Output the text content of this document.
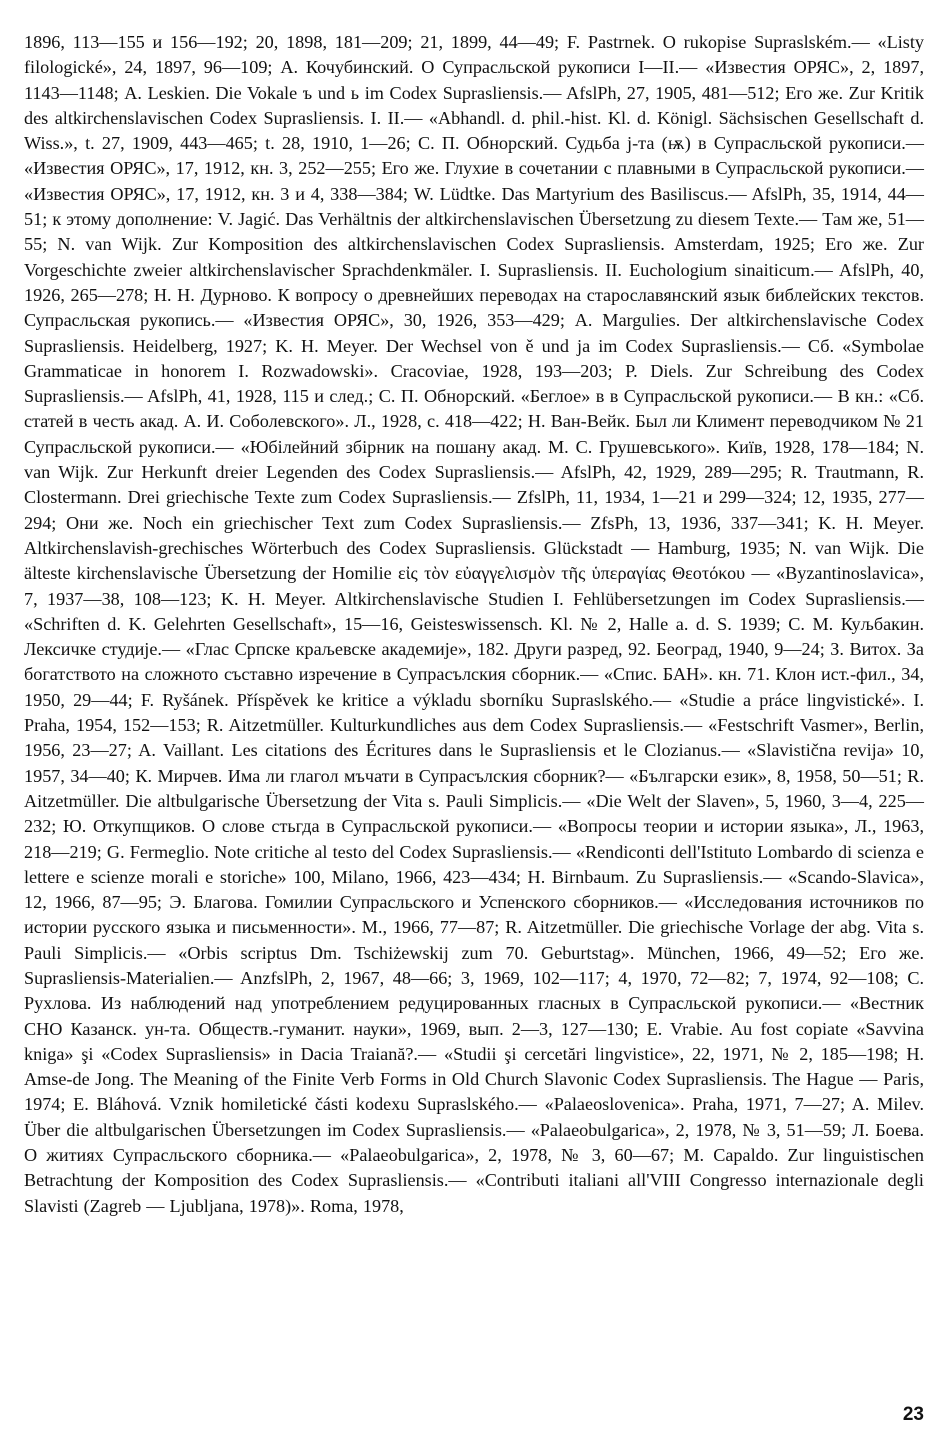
1896, 113—155 и 156—192; 20, 1898, 181—209; 21, 1899, 44—49; F. Pastrnek. O rukopise Supraslském.— «Listy filologické», 24, 1897, 96—109; А. Кочубинский. О Супрасльской рукописи I—II.— «Известия ОРЯС», 2, 1897, 1143—1148; A. Leskien. Die Vokale ъ und ь im Codex Suprasliensis.— AfslPh, 27, 1905, 481—512; Его же. Zur Kritik des altkirchenslavischen Codex Suprasliensis. I. II.— «Abhandl. d. phil.-hist. Kl. d. Königl. Sächsischen Gesellschaft d. Wiss.», t. 27, 1909, 443—465; t. 28, 1910, 1—26; С. П. Обнорский. Судьба j-та (ѭ) в Супрасльской рукописи.— «Известия ОРЯС», 17, 1912, кн. 3, 252—255; Его же. Глухие в сочетании с плавными в Супрасльской рукописи.— «Известия ОРЯС», 17, 1912, кн. 3 и 4, 338—384; W. Lüdtke. Das Martyrium des Basiliscus.— AfslPh, 35, 1914, 44—51; к этому дополнение: V. Jagić. Das Verhältnis der altkirchenslavischen Übersetzung zu diesem Texte.— Там же, 51—55; N. van Wijk. Zur Komposition des altkirchenslavischen Codex Suprasliensis. Amsterdam, 1925; Его же. Zur Vorgeschichte zweier altkirchenslavischer Sprachdenkmäler. I. Suprasliensis. II. Euchologium sinaiticum.— AfslPh, 40, 1926, 265—278; Н. Н. Дурново. К вопросу о древнейших переводах на старославянский язык библейских текстов. Супрасльская рукопись.— «Известия ОРЯС», 30, 1926, 353—429; A. Margulies. Der altkirchenslavische Codex Suprasliensis. Heidelberg, 1927; K. H. Meyer. Der Wechsel von ě und ja im Codex Suprasliensis.— Сб. «Symbolae Grammaticae in honorem I. Rozwadowski». Cracoviae, 1928, 193—203; P. Diels. Zur Schreibung des Codex Suprasliensis.— AfslPh, 41, 1928, 115 и след.; С. П. Обнорский. «Беглое» в в Супрасльской рукописи.— В кн.: «Сб. статей в честь акад. А. И. Соболевского». Л., 1928, с. 418—422; Н. Ван-Вейк. Был ли Климент переводчиком № 21 Супрасльской рукописи.— «Юбілейний збірник на пошану акад. М. С. Грушевського». Київ, 1928, 178—184; N. van Wijk. Zur Herkunft dreier Legenden des Codex Suprasliensis.— AfslPh, 42, 1929, 289—295; R. Trautmann, R. Clostermann. Drei griechische Texte zum Codex Suprasliensis.— ZfslPh, 11, 1934, 1—21 и 299—324; 12, 1935, 277—294; Они же. Noch ein griechischer Text zum Codex Suprasliensis.— ZfsPh, 13, 1936, 337—341; K. H. Meyer. Altkirchenslavish-grechisches Wörterbuch des Codex Suprasliensis. Glückstadt — Hamburg, 1935; N. van Wijk. Die älteste kirchenslavische Übersetzung der Homilie εἰς τὸν εὐαγγελισμὸν τῆς ὑπεραγίας Θεοτόκου — «Byzantinoslavica», 7, 1937—38, 108—123; K. H. Meyer. Altkirchenslavische Studien I. Fehlübersetzungen im Codex Suprasliensis.— «Schriften d. K. Gelehrten Gesellschaft», 15—16, Geisteswissensch. Kl. № 2, Halle a. d. S. 1939; С. М. Куљбакин. Лексичке студије.— «Глас Српске краљевске академије», 182. Други разред, 92. Београд, 1940, 9—24; З. Витох. За богатството на сложното съставно изречение в Супрасълския сборник.— «Спис. БАН». кн. 71. Клон ист.-фил., 34, 1950, 29—44; F. Ryšánek. Příspěvek ke kritice a výkladu sborníku Supraslského.— «Studie a práce lingvistické». I. Praha, 1954, 152—153; R. Aitzetmüller. Kulturkundliches aus dem Codex Suprasliensis.— «Festschrift Vasmer», Berlin, 1956, 23—27; A. Vaillant. Les citations des Écritures dans le Suprasliensis et le Clozianus.— «Slavistična revija» 10, 1957, 34—40; К. Мирчев. Има ли глагол мъчати в Супрасълския сборник?— «Български език», 8, 1958, 50—51; R. Aitzetmüller. Die altbulgarische Übersetzung der Vita s. Pauli Simplicis.— «Die Welt der Slaven», 5, 1960, 3—4, 225—232; Ю. Откупщиков. О слове стьгда в Супрасльской рукописи.— «Вопросы теории и истории языка», Л., 1963, 218—219; G. Fermeglio. Note critiche al testo del Codex Suprasliensis.— «Rendiconti dell'Istituto Lombardo di scienza e lettere e scienze morali e storiche» 100, Milano, 1966, 423—434; H. Birnbaum. Zu Suprasliensis.— «Scando-Slavica», 12, 1966, 87—95; Э. Благова. Гомилии Супрасльского и Успенского сборников.— «Исследования источников по истории русского языка и письменности». М., 1966, 77—87; R. Aitzetmüller. Die griechische Vorlage der abg. Vita s. Pauli Simplicis.— «Orbis scriptus Dm. Tschiżewskij zum 70. Geburtstag». München, 1966, 49—52; Его же. Suprasliensis-Materialien.— AnzfslPh, 2, 1967, 48—66; 3, 1969, 102—117; 4, 1970, 72—82; 7, 1974, 92—108; С. Рухлова. Из наблюдений над употреблением редуцированных гласных в Супрасльской рукописи.— «Вестник СНО Казанск. ун-та. Обществ.-гуманит. науки», 1969, вып. 2—3, 127—130; E. Vrabie. Au fost copiate «Savvina kniga» şi «Codex Suprasliensis» in Dacia Traiană?.— «Studii şi cercetări lingvistice», 22, 1971, № 2, 185—198; H. Amse-de Jong. The Meaning of the Finite Verb Forms in Old Church Slavonic Codex Suprasliensis. The Hague — Paris, 1974; E. Bláhová. Vznik homiletické části kodexu Supraslského.— «Palaeoslovenica». Praha, 1971, 7—27; A. Milev. Über die altbulgarischen Übersetzungen im Codex Suprasliensis.— «Palaeobulgarica», 2, 1978, № 3, 51—59; Л. Боева. О житиях Супрасльского сборника.— «Palaeobulgarica», 2, 1978, № 3, 60—67; M. Capaldo. Zur linguistischen Betrachtung der Komposition des Codex Suprasliensis.— «Contributi italiani all'VIII Congresso internazionale degli Slavisti (Zagreb — Ljubljana, 1978)». Roma, 1978,

23
